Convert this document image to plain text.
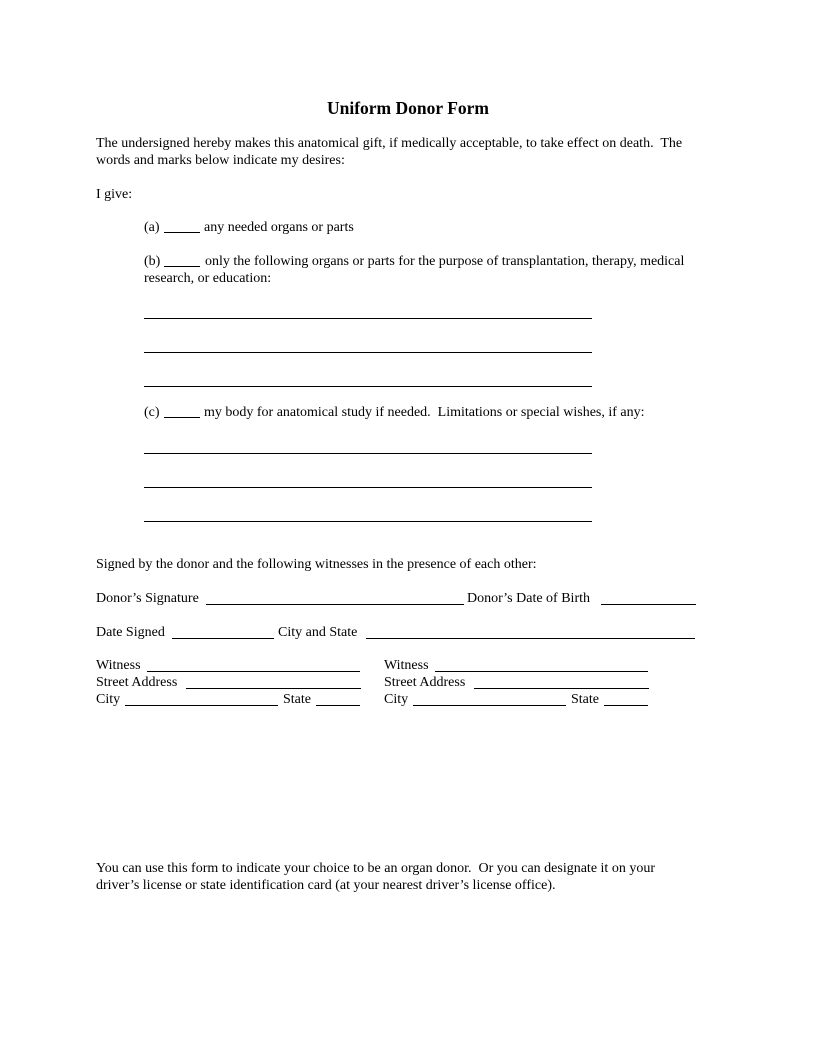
Uniform Donor Form
The undersigned hereby makes this anatomical gift, if medically acceptable, to take effect on death.  The
words and marks below indicate my desires:
I give:
(a)	any needed organs or parts
(b)	only the following organs or parts for the purpose of transplantation, therapy, medical
research, or education:
(c)	my body for anatomical study if needed.  Limitations or special wishes, if any:
Signed by the donor and the following witnesses in the presence of each other:
Donor’s Signature	Donor’s Date of Birth
Date Signed	City and State
Witness
Street Address
City	State
Witness
Street Address
City	State
You can use this form to indicate your choice to be an organ donor.  Or you can designate it on your
driver’s license or state identification card (at your nearest driver’s license office).
